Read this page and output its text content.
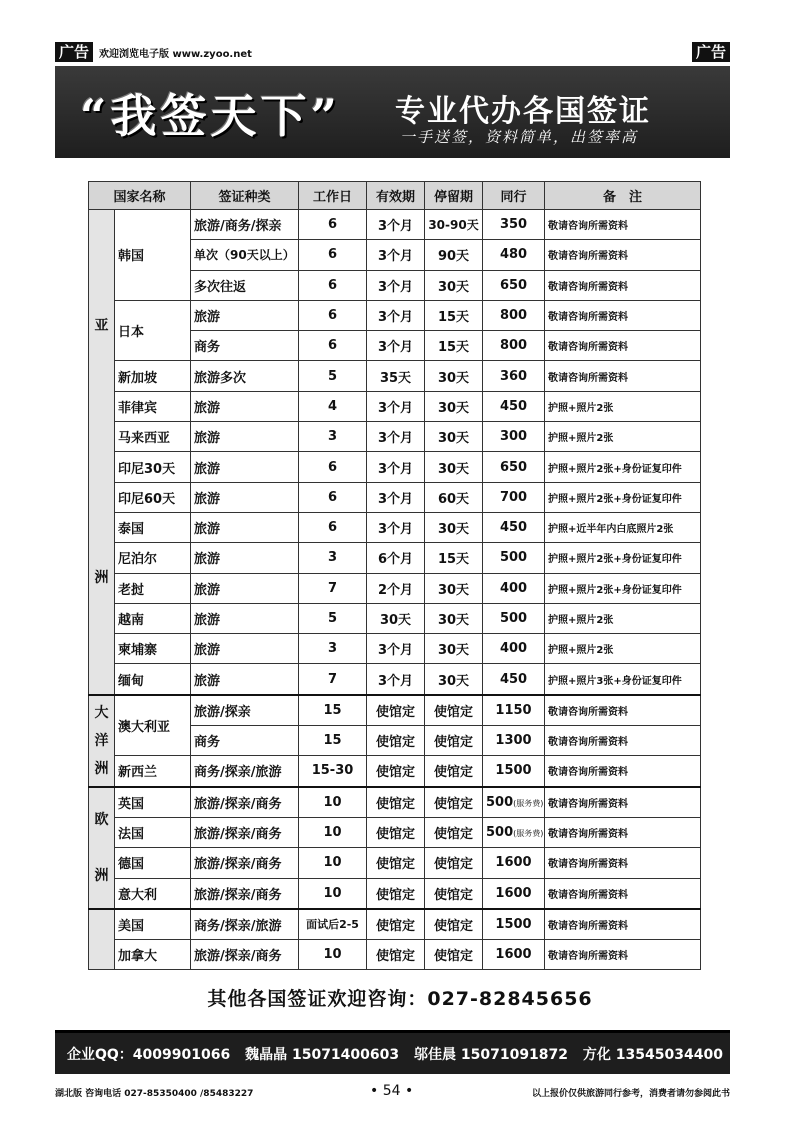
广告 欢迎浏览电子版 www.zyoo.net	广告
“我签天下” 专业代办各国签证
一手送签，资料简单，出签率高
国家名称		签证种类	工作日	有效期	停留期	同行	备　注
亚

洲	韩国	旅游/商务/探亲	6	3个月	30-90天	350	敬请咨询所需资料
		单次（90天以上）	6	3个月	90天	480	敬请咨询所需资料
		多次往返	6	3个月	30天	650	敬请咨询所需资料
	日本	旅游	6	3个月	15天	800	敬请咨询所需资料
		商务	6	3个月	15天	800	敬请咨询所需资料
	新加坡	旅游多次	5	35天	30天	360	敬请咨询所需资料
	菲律宾	旅游	4	3个月	30天	450	护照+照片2张
	马来西亚	旅游	3	3个月	30天	300	护照+照片2张
	印尼30天	旅游	6	3个月	30天	650	护照+照片2张+身份证复印件
	印尼60天	旅游	6	3个月	60天	700	护照+照片2张+身份证复印件
	泰国	旅游	6	3个月	30天	450	护照+近半年内白底照片2张
	尼泊尔	旅游	3	6个月	15天	500	护照+照片2张+身份证复印件
	老挝	旅游	7	2个月	30天	400	护照+照片2张+身份证复印件
	越南	旅游	5	30天	30天	500	护照+照片2张
	柬埔寨	旅游	3	3个月	30天	400	护照+照片2张
	缅甸	旅游	7	3个月	30天	450	护照+照片3张+身份证复印件
大
洋
洲	澳大利亚	旅游/探亲	15	使馆定	使馆定	1150	敬请咨询所需资料
		商务	15	使馆定	使馆定	1300	敬请咨询所需资料
	新西兰	商务/探亲/旅游	15-30	使馆定	使馆定	1500	敬请咨询所需资料
欧

洲	英国	旅游/探亲/商务	10	使馆定	使馆定	500(服务费)	敬请咨询所需资料
	法国	旅游/探亲/商务	10	使馆定	使馆定	500(服务费)	敬请咨询所需资料
	德国	旅游/探亲/商务	10	使馆定	使馆定	1600	敬请咨询所需资料
	意大利	旅游/探亲/商务	10	使馆定	使馆定	1600	敬请咨询所需资料
	美国	商务/探亲/旅游	面试后2-5	使馆定	使馆定	1500	敬请咨询所需资料
	加拿大	旅游/探亲/商务	10	使馆定	使馆定	1600	敬请咨询所需资料
其他各国签证欢迎咨询：027-82845656
企业QQ：4009901066 魏晶晶 15071400603 邬佳晨 15071091872 方化 13545034400
湖北版 咨询电话 027-85350400 /85483227	• 54 •	以上报价仅供旅游同行参考，消费者请勿参阅此书
